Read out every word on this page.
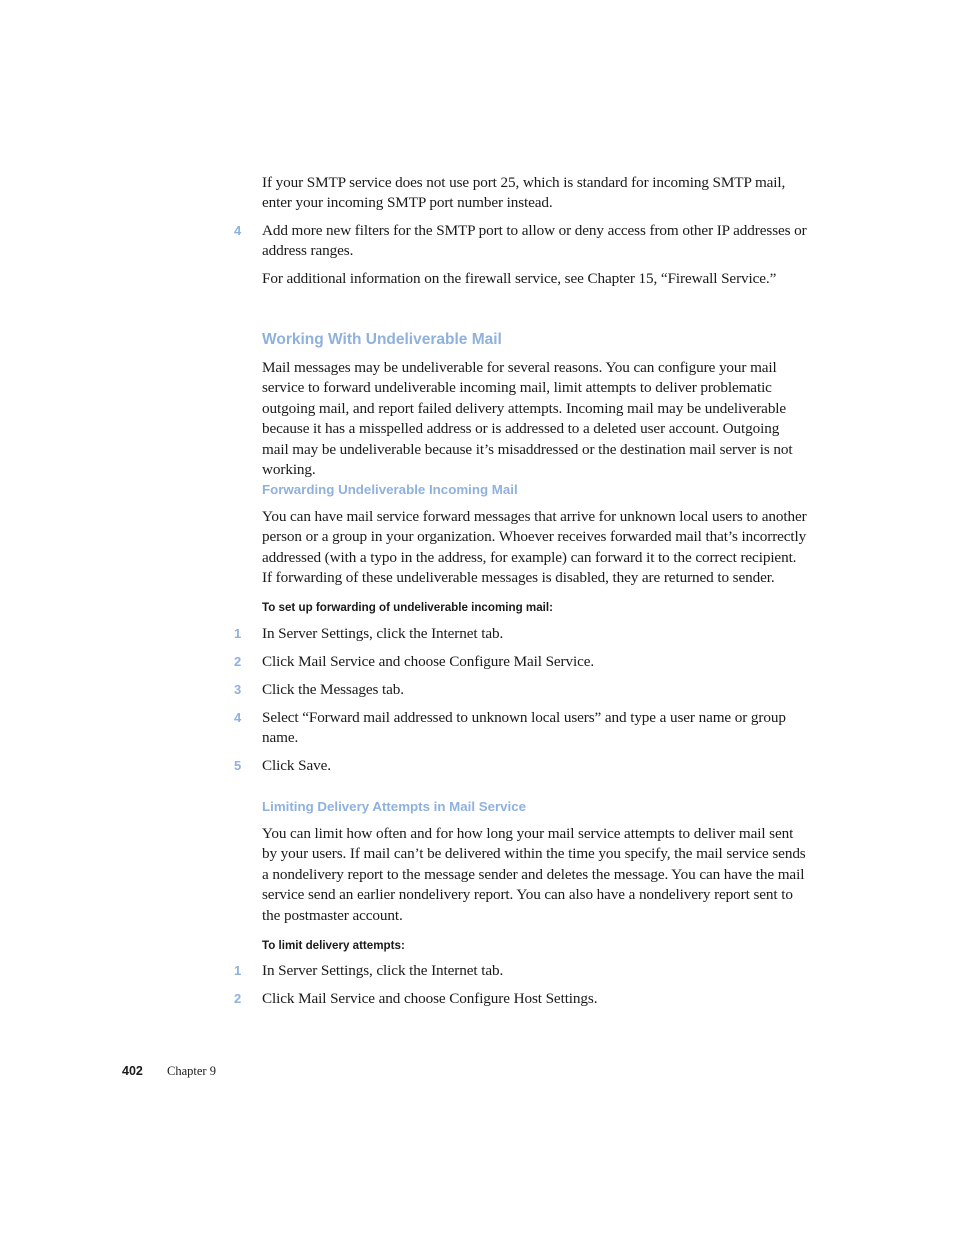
If your SMTP service does not use port 25, which is standard for incoming SMTP mail, enter your incoming SMTP port number instead.

4	Add more new filters for the SMTP port to allow or deny access from other IP addresses or address ranges.

For additional information on the firewall service, see Chapter 15, “Firewall Service.”

Working With Undeliverable Mail

Mail messages may be undeliverable for several reasons. You can configure your mail service to forward undeliverable incoming mail, limit attempts to deliver problematic outgoing mail, and report failed delivery attempts. Incoming mail may be undeliverable because it has a misspelled address or is addressed to a deleted user account. Outgoing mail may be undeliverable because it’s misaddressed or the destination mail server is not working.

Forwarding Undeliverable Incoming Mail

You can have mail service forward messages that arrive for unknown local users to another person or a group in your organization. Whoever receives forwarded mail that’s incorrectly addressed (with a typo in the address, for example) can forward it to the correct recipient. If forwarding of these undeliverable messages is disabled, they are returned to sender.

To set up forwarding of undeliverable incoming mail:

1	In Server Settings, click the Internet tab.

2	Click Mail Service and choose Configure Mail Service.

3	Click the Messages tab.

4	Select “Forward mail addressed to unknown local users” and type a user name or group name.

5	Click Save.

Limiting Delivery Attempts in Mail Service

You can limit how often and for how long your mail service attempts to deliver mail sent by your users. If mail can’t be delivered within the time you specify, the mail service sends a nondelivery report to the message sender and deletes the message. You can have the mail service send an earlier nondelivery report. You can also have a nondelivery report sent to the postmaster account.

To limit delivery attempts:

1	In Server Settings, click the Internet tab.

2	Click Mail Service and choose Configure Host Settings.

402 Chapter 9
